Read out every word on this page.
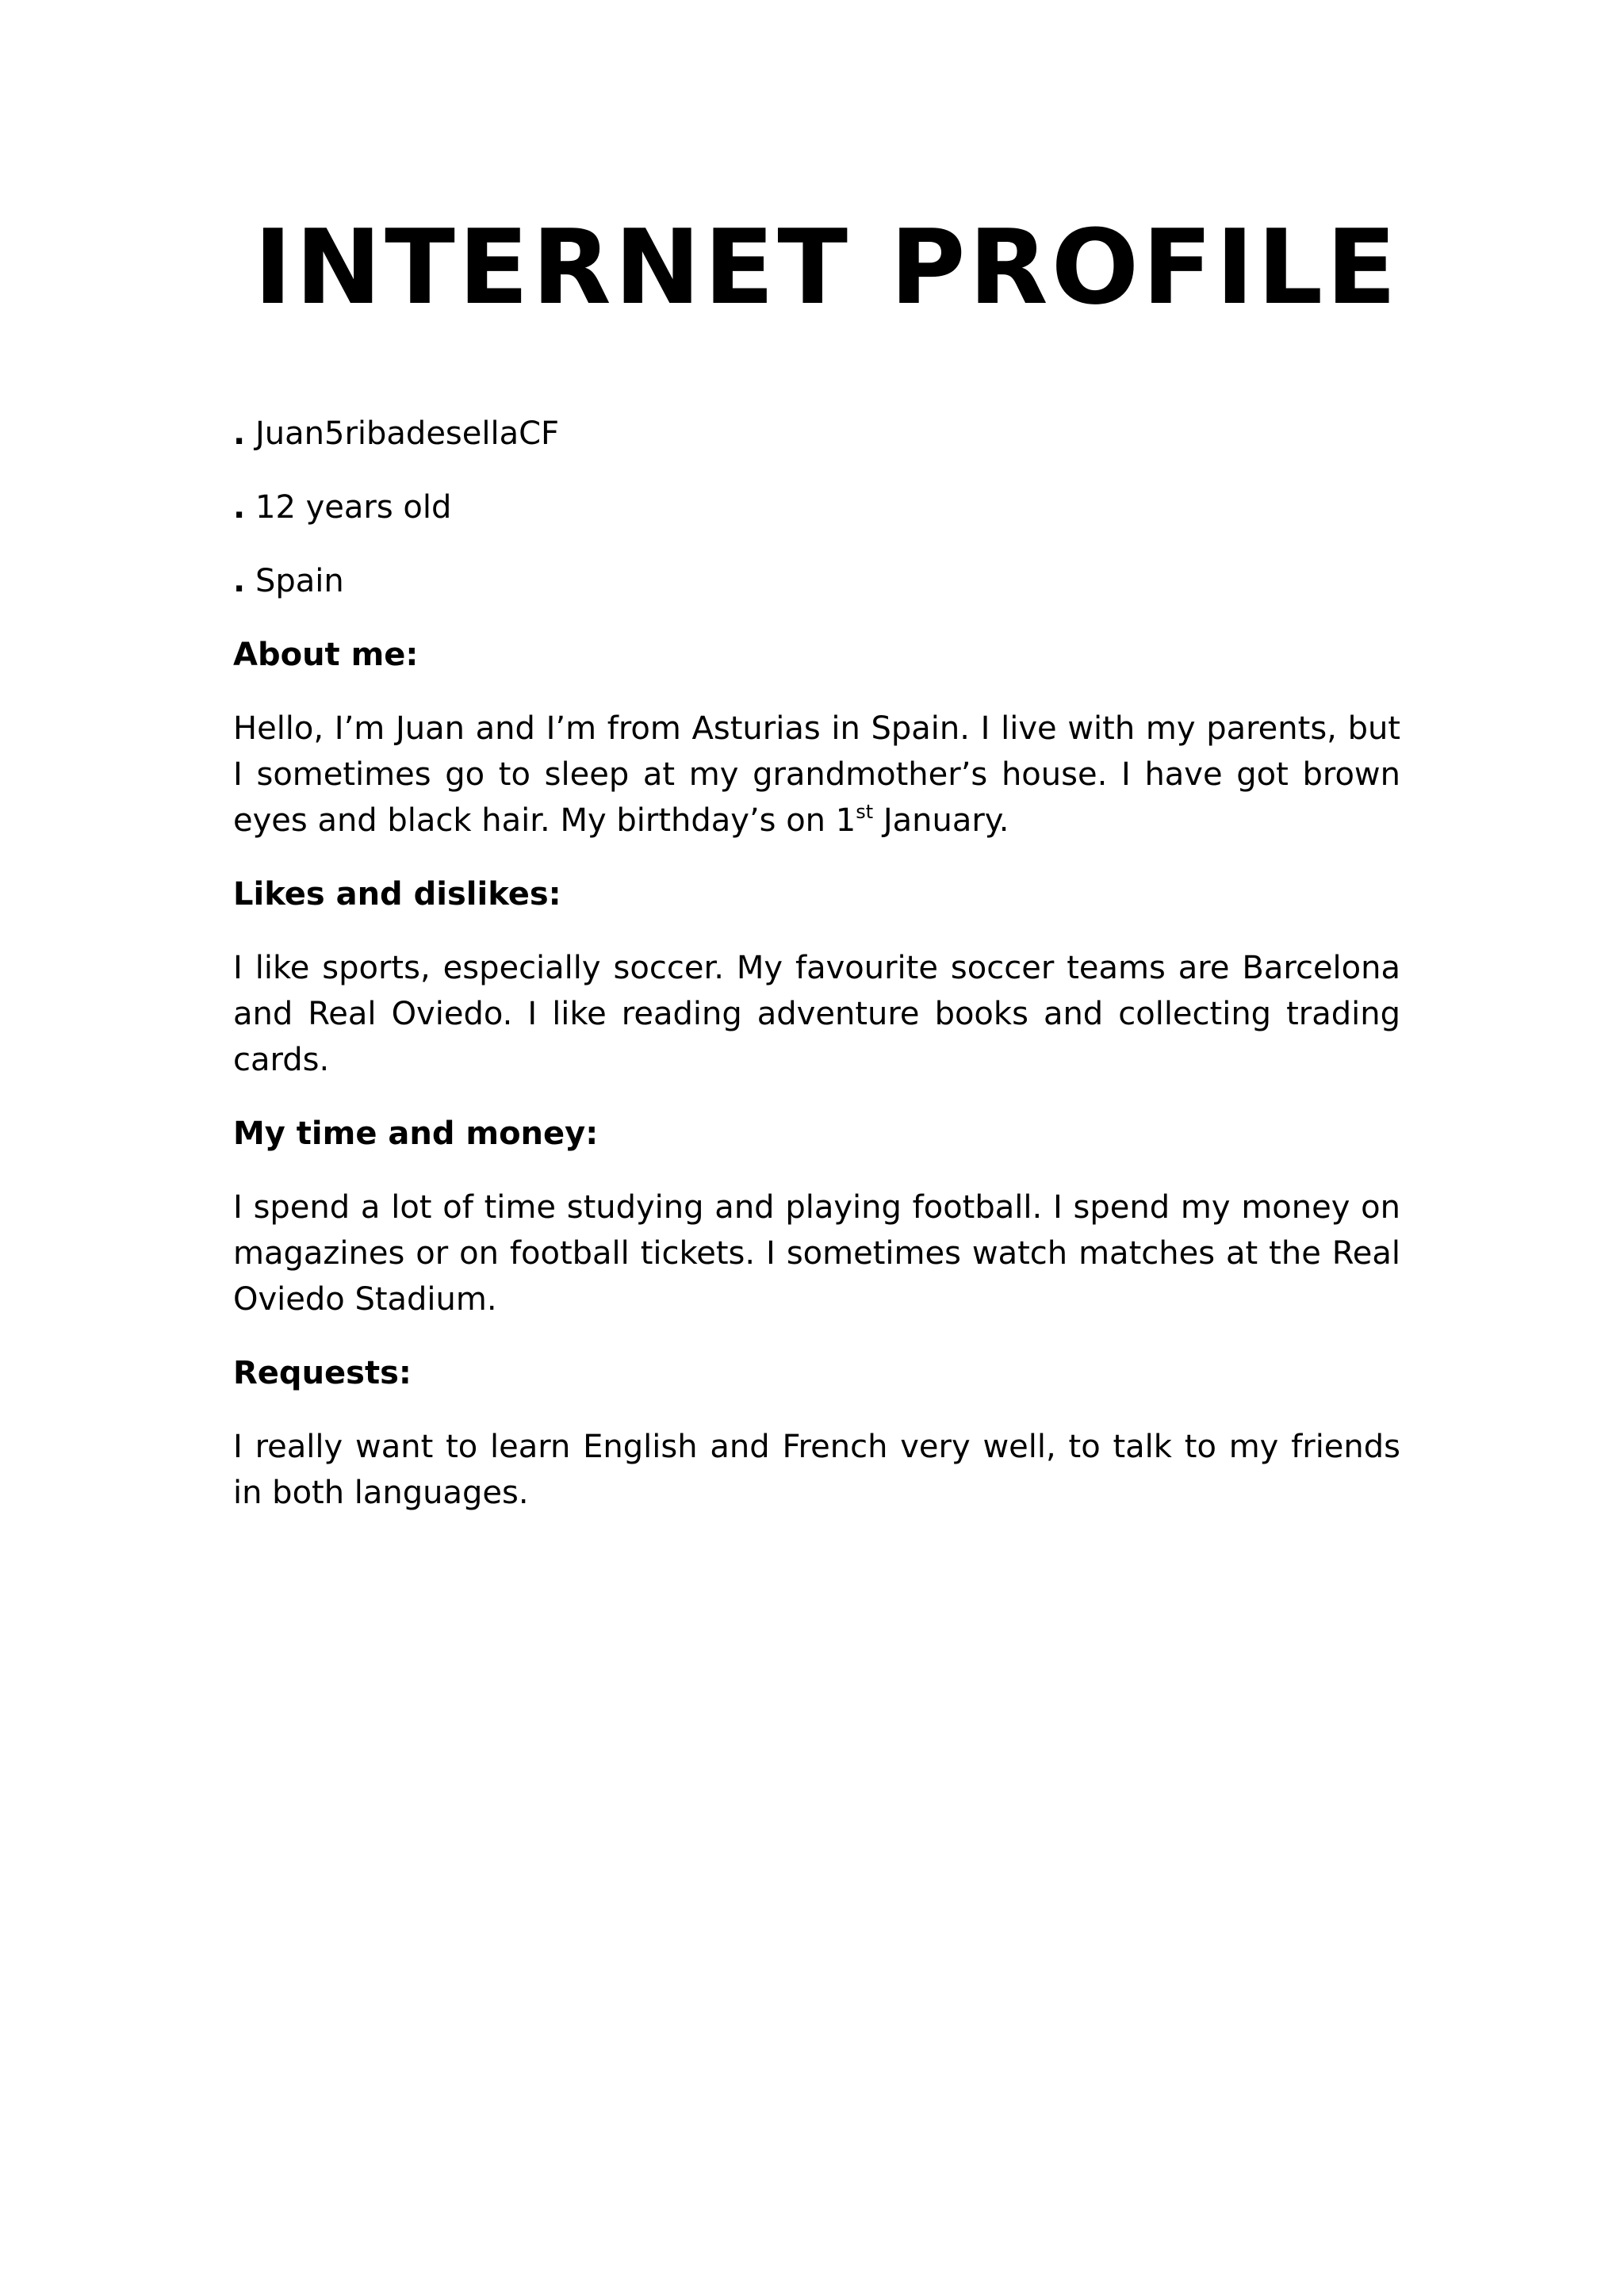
INTERNET PROFILE

. Juan5ribadesellaCF

. 12 years old

. Spain

About me:

Hello, I’m Juan and I’m from Asturias in Spain. I live with my parents, but I sometimes go to sleep at my grandmother’s house. I have got brown eyes and black hair. My birthday’s on 1st January.

Likes and dislikes:

I like sports, especially soccer. My favourite soccer teams are Barcelona and Real Oviedo. I like reading adventure books and collecting trading cards.

My time and money:

I spend a lot of time studying and playing football. I spend my money on magazines or on football tickets. I sometimes watch matches at the Real Oviedo Stadium.

Requests:

I really want to learn English and French very well, to talk to my friends in both languages.
